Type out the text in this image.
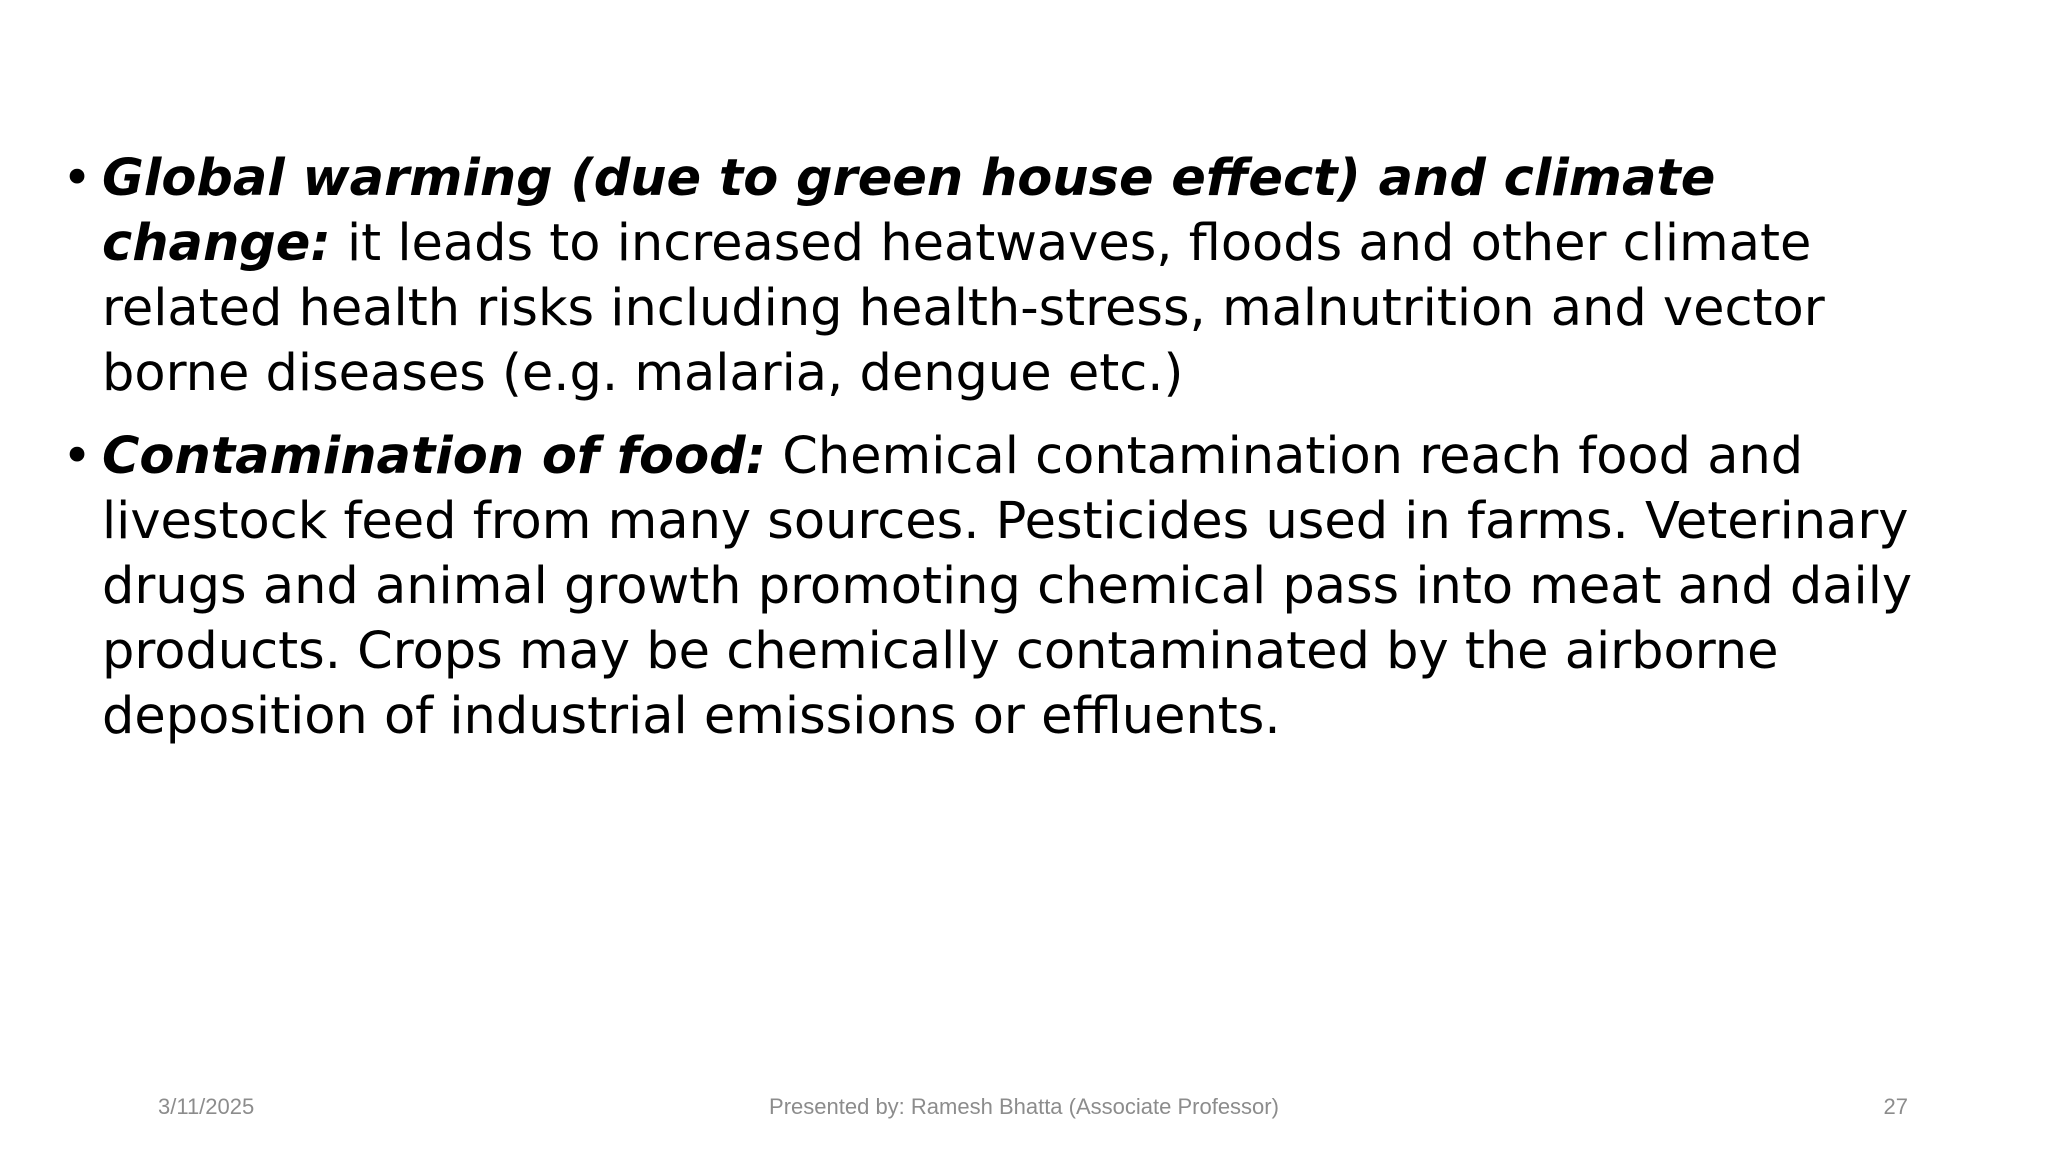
• Global warming (due to green house effect) and climate change: it leads to increased heatwaves, floods and other climate related health risks including health-stress, malnutrition and vector borne diseases (e.g. malaria, dengue etc.)
• Contamination of food: Chemical contamination reach food and livestock feed from many sources. Pesticides used in farms. Veterinary drugs and animal growth promoting chemical pass into meat and daily products. Crops may be chemically contaminated by the airborne deposition of industrial emissions or effluents.
3/11/2025	Presented by: Ramesh Bhatta (Associate Professor)	27
